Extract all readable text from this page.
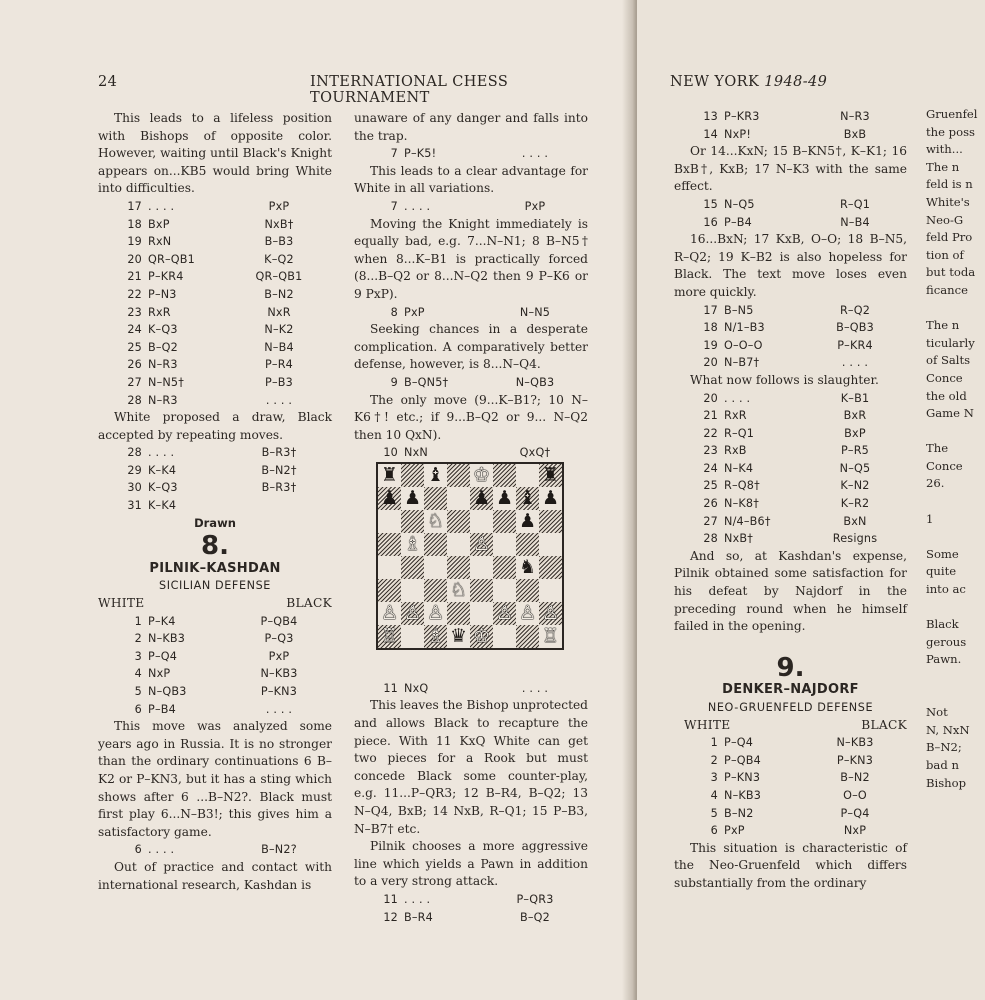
24	INTERNATIONAL CHESS TOURNAMENT

This leads to a lifeless position with Bishops of opposite color. However, waiting until Black's Knight appears on...KB5 would bring White into difficulties.

17 . . . .	PxP
18 BxP	NxB†
19 RxN	B–B3
20 QR–QB1	K–Q2
21 P–KR4	QR–QB1
22 P–N3	B–N2
23 RxR	NxR
24 K–Q3	N–K2
25 B–Q2	N–B4
26 N–R3	P–R4
27 N–N5†	P–B3
28 N–R3	. . . .

White proposed a draw, Black accepted by repeating moves.

28 . . . .	B–R3†
29 K–K4	B–N2†
30 K–Q3	B–R3†
31 K–K4
Drawn
8.
PILNIK–KASHDAN
SICILIAN DEFENSE
WHITE	BLACK
1 P–K4	P–QB4
2 N–KB3	P–Q3
3 P–Q4	PxP
4 NxP	N–KB3
5 N–QB3	P–KN3
6 P–B4	. . . .

This move was analyzed some years ago in Russia. It is no stronger than the ordinary continuations 6 B–K2 or P–KN3, but it has a sting which shows after 6 ...B–N2?. Black must first play 6...N–B3!; this gives him a satisfactory game.

6 . . . .	B–N2?

Out of practice and contact with international research, Kashdan is

unaware of any danger and falls into the trap.

7 P–K5!	. . . .

This leads to a clear advantage for White in all variations.

7 . . . .	PxP

Moving the Knight immediately is equally bad, e.g. 7...N–N1; 8 B–N5† when 8...K–B1 is practically forced (8...B–Q2 or 8...N–Q2 then 9 P–K6 or 9 PxP).

8 PxP	N–N5

Seeking chances in a desperate complication. A comparatively better defense, however, is 8...N–Q4.

9 B–QN5†	N–QB3

The only move (9...K–B1?; 10 N–K6†! etc.; if 9...B–Q2 or 9... N–Q2 then 10 QxN).

10 NxN	QxQ†
11 NxQ	. . . .

This leaves the Bishop unprotected and allows Black to recapture the piece. With 11 KxQ White can get two pieces for a Rook but must concede Black some counter-play, e.g. 11...P–QR3; 12 B–R4, B–Q2; 13 N–Q4, BxB; 14 NxB, R–Q1; 15 P–B3, N–B7† etc.

Pilnik chooses a more aggressive line which yields a Pawn in addition to a very strong attack.

11 . . . .	P–QR3
12 B–R4	B–Q2
♜ ♝ ♔	♜
♟ ♟	♟ ♟ ♝ ♟
♘	♟
♗	♙
♞
♘
♙ ♙ ♙	♙ ♙ ♙
♖ ♗ ♛ ♔	♖
NEW YORK 1948-49
13 P–KR3	N–R3
14 NxP!	BxB

Or 14...KxN; 15 B–KN5†, K–K1; 16 BxB†, KxB; 17 N–K3 with the same effect.

15 N–Q5	R–Q1
16 P–B4	N–B4

16...BxN; 17 KxB, O–O; 18 B–N5, R–Q2; 19 K–B2 is also hopeless for Black. The text move loses even more quickly.

17 B–N5	R–Q2
18 N/1–B3	B–QB3
19 O–O–O	P–KR4
20 N–B7†	. . . .

What now follows is slaughter.

20 . . . .	K–B1
21 RxR	BxR
22 R–Q1	BxP
23 RxB	P–R5
24 N–K4	N–Q5
25 R–Q8†	K–N2
26 N–K8†	K–R2
27 N/4–B6†	BxN
28 NxB†	Resigns

And so, at Kashdan's expense, Pilnik obtained some satisfaction for his defeat by Najdorf in the preceding round when he himself failed in the opening.

9.
DENKER–NAJDORF
NEO-GRUENFELD DEFENSE
WHITE	BLACK
1 P–Q4	N–KB3
2 P–QB4	P–KN3
3 P–KN3	B–N2
4 N–KB3	O–O
5 B–N2	P–Q4
6 PxP	NxP

This situation is characteristic of the Neo-Gruenfeld which differs substantially from the ordinary

Gruenfel
the poss
with...
The n
feld is n
White's
Neo-G
feld Pro
tion of
but toda
ficance

The n
ticularly
of Salts
Conce
the old
Game N

The
Conce
26.

1

Some
quite
into ac

Black
gerous
Pawn.

Not
N, NxN
B–N2;
bad n
Bishop
